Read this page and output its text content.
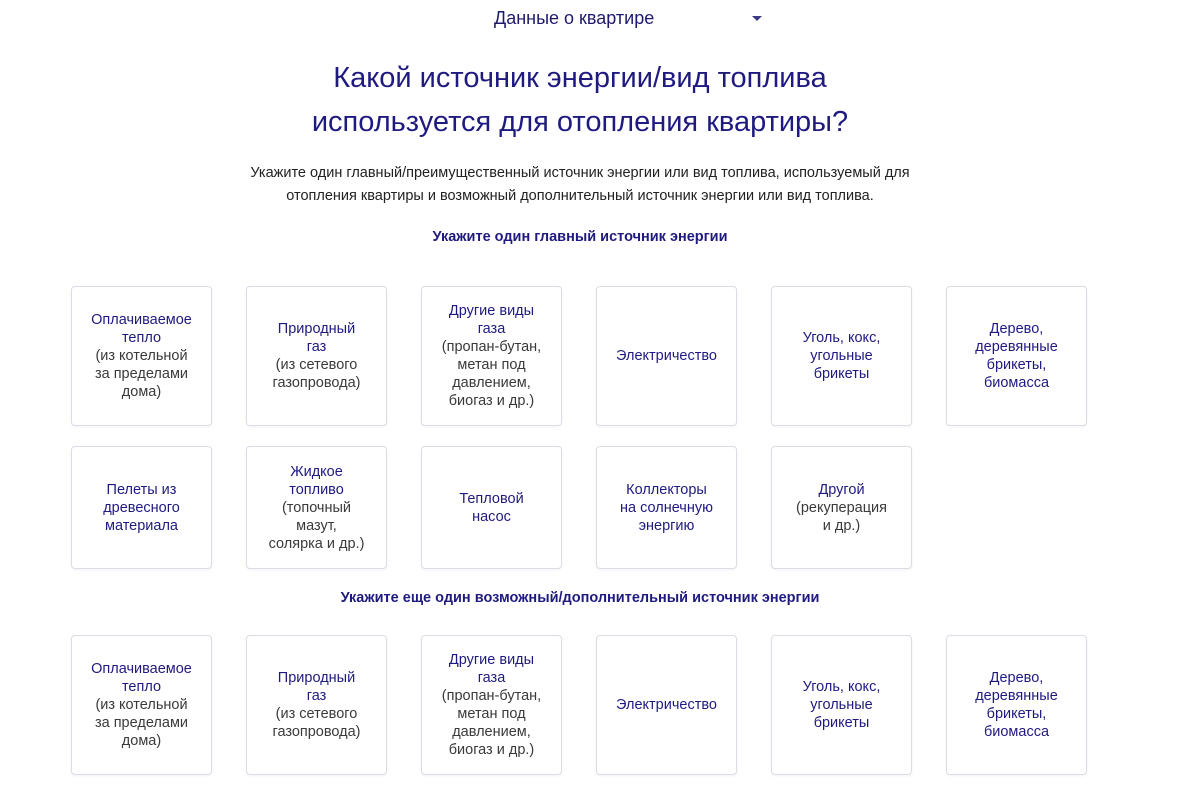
Данные о квартире
Какой источник энергии/вид топлива
используется для отопления квартиры?

Укажите один главный/преимущественный источник энергии или вид топлива, используемый для
отопления квартиры и возможный дополнительный источник энергии или вид топлива.

Укажите один главный источник энергии
Оплачиваемое
тепло
(из котельной
за пределами
дома)
Природный
газ
(из сетевого
газопровода)
Другие виды
газа
(пропан-бутан,
метан под
давлением,
биогаз и др.)
Электричество
Уголь, кокс,
угольные
брикеты
Дерево,
деревянные
брикеты,
биомасса
Пелеты из
древесного
материала
Жидкое
топливо
(топочный
мазут,
солярка и др.)
Тепловой
насос
Коллекторы
на солнечную
энергию
Другой
(рекуперация
и др.)
Укажите еще один возможный/дополнительный источник энергии
Оплачиваемое
тепло
(из котельной
за пределами
дома)
Природный
газ
(из сетевого
газопровода)
Другие виды
газа
(пропан-бутан,
метан под
давлением,
биогаз и др.)
Электричество
Уголь, кокс,
угольные
брикеты
Дерево,
деревянные
брикеты,
биомасса
